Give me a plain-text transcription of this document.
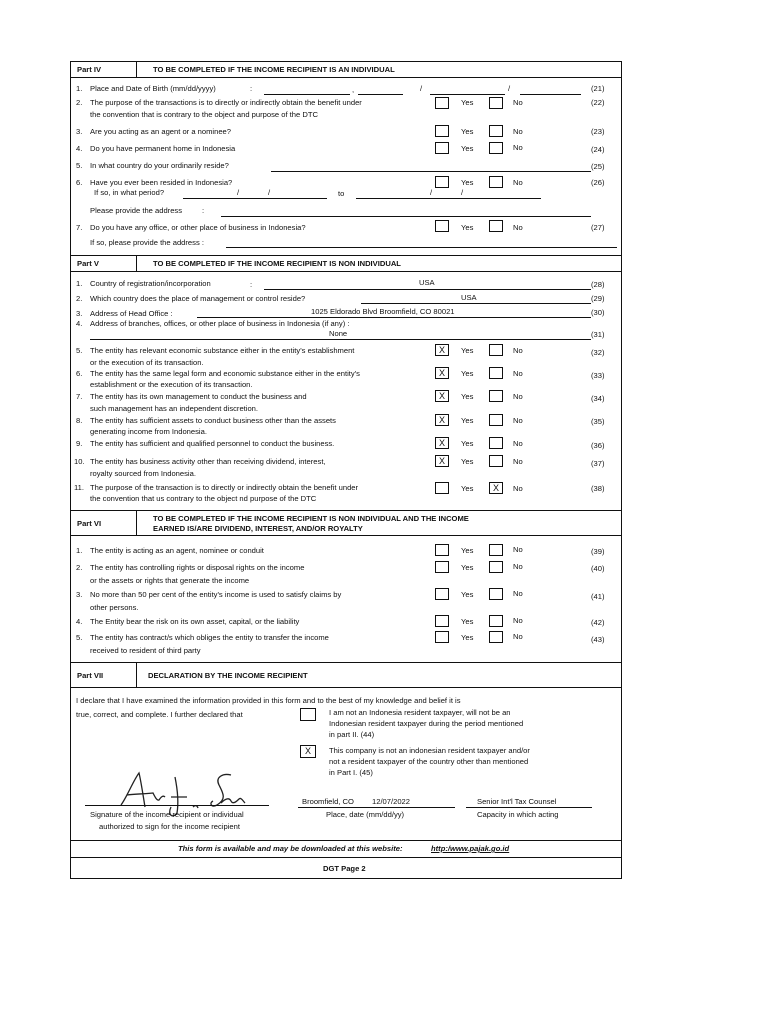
Part IV	TO BE COMPLETED IF THE INCOME RECIPIENT IS AN INDIVIDUAL
1. Place and Date of Birth (mm/dd/yyyy)	:	,	/	/	(21)
2. The purpose of the transactions is to directly or indirectly obtain the benefit under
the convention that is contrary to the object and purpose of the DTC
Yes	No	(22)
3. Are you acting as an agent or a nominee?	Yes	No	(23)
4. Do you have permanent home in Indonesia	Yes	No	(24)
5. In what country do your ordinarily reside?	(25)
6. Have you ever been resided in Indonesia?
If so, in what period?	/	/	to	/	/
Yes	No	(26)
Please provide the address	:
7. Do you have any office, or other place of business in Indonesia?	Yes	No	(27)
If so, please provide the address :
Part V	TO BE COMPLETED IF THE INCOME RECIPIENT IS NON INDIVIDUAL
1. Country of registration/incorporation	:	USA	(28)
2. Which country does the place of management or control reside?	USA	(29)
3. Address of Head Office :	1025 Eldorado Blvd Broomfield, CO 80021	(30)
4. Address of branches, offices, or other place of business in Indonesia (if any) :
None	(31)
5. The entity has relevant economic substance either in the entity's establishment
or the execution of its transaction.
X	Yes	No	(32)
6. The entity has the same legal form and economic substance either in the entity's
establishment or the execution of its transaction.
X	Yes	No	(33)
7. The entity has its own management to conduct the business and
such management has an independent discretion.
X	Yes	No	(34)
8. The entity has sufficient assets to conduct business other than the assets
generating income from Indonesia.
X	Yes	No	(35)
9. The entity has sufficient and qualified personnel to conduct the business.	X	Yes	No	(36)
10. The entity has business activity other than receiving dividend, interest,
royalty sourced from Indonesia.
X	Yes	No	(37)
11. The purpose of the transaction is to directly or indirectly obtain the benefit under
the convention that us contrary to the object nd purpose of the DTC
Yes	X	No	(38)
Part VI
TO BE COMPLETED IF THE INCOME RECIPIENT IS NON INDIVIDUAL AND THE INCOME
EARNED IS/ARE DIVIDEND, INTEREST, AND/OR ROYALTY
1. The entity is acting as an agent, nominee or conduit	Yes	No	(39)
2. The entity has controlling rights or disposal rights on the income
or the assets or rights that generate the income
Yes	No	(40)
3. No more than 50 per cent of the entity's income is used to satisfy claims by
other persons.
Yes	No	(41)
4. The Entity bear the risk on its own asset, capital, or the liability	Yes	No	(42)
5. The entity has contract/s which obliges the entity to transfer the income
received to resident of third party
Yes	No	(43)
Part VII	DECLARATION BY THE INCOME RECIPIENT
I declare that I have examined the information provided in this form and to the best of my knowledge and belief it is
true, correct, and complete. I further declared that	I am not an Indonesia resident taxpayer, will not be an
Indonesian resident taxpayer during the period mentioned
in part II. (44)
X	This company is not an indonesian resident taxpayer and/or
not a resident taxpayer of the country other than mentioned
in Part I. (45)
Signature of the income recipient or individual
authorized to sign for the income recipient
Broomfield, CO 12/07/2022
Place, date (mm/dd/yy)
Senior Int'l Tax Counsel
Capacity in which acting
This form is available and may be downloaded at this website:	http:/www.pajak.go.id
DGT Page 2
